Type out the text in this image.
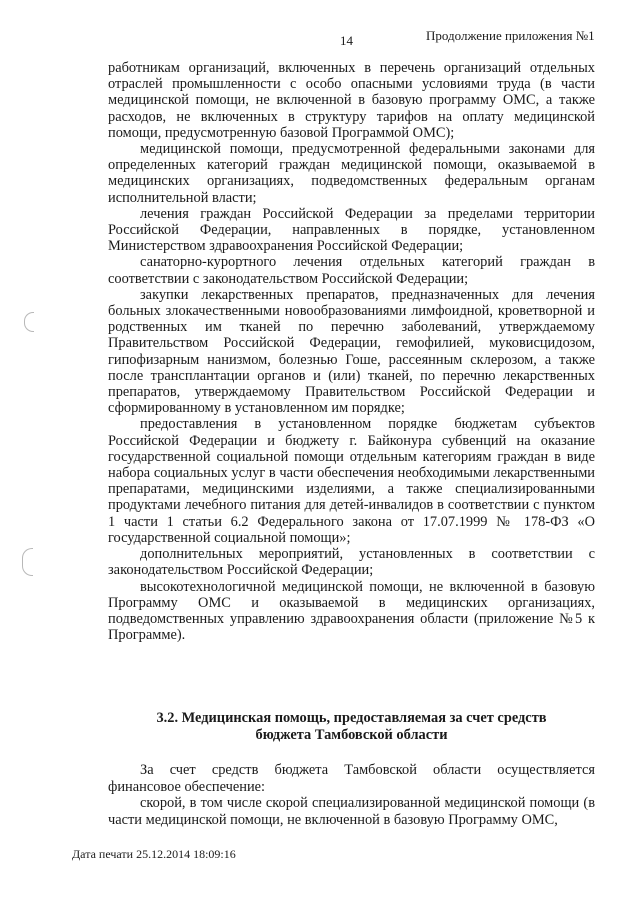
14	Продолжение приложения №1

работникам организаций, включенных в перечень организаций отдельных отраслей промышленности с особо опасными условиями труда (в части медицинской помощи, не включенной в базовую программу ОМС, а также расходов, не включенных в структуру тарифов на оплату медицинской помощи, предусмотренную базовой Программой ОМС);

медицинской помощи, предусмотренной федеральными законами для определенных категорий граждан медицинской помощи, оказываемой в медицинских организациях, подведомственных федеральным органам исполнительной власти;

лечения граждан Российской Федерации за пределами территории Российской Федерации, направленных в порядке, установленном Министерством здравоохранения Российской Федерации;

санаторно-курортного лечения отдельных категорий граждан в соответствии с законодательством Российской Федерации;

закупки лекарственных препаратов, предназначенных для лечения больных злокачественными новообразованиями лимфоидной, кроветворной и родственных им тканей по перечню заболеваний, утверждаемому Правительством Российской Федерации, гемофилией, муковисцидозом, гипофизарным нанизмом, болезнью Гоше, рассеянным склерозом, а также после трансплантации органов и (или) тканей, по перечню лекарственных препаратов, утверждаемому Правительством Российской Федерации и сформированному в установленном им порядке;

предоставления в установленном порядке бюджетам субъектов Российской Федерации и бюджету г. Байконура субвенций на оказание государственной социальной помощи отдельным категориям граждан в виде набора социальных услуг в части обеспечения необходимыми лекарственными препаратами, медицинскими изделиями, а также специализированными продуктами лечебного питания для детей-инвалидов в соответствии с пунктом 1 части 1 статьи 6.2 Федерального закона от 17.07.1999 № 178-ФЗ «О государственной социальной помощи»;

дополнительных мероприятий, установленных в соответствии с законодательством Российской Федерации;

высокотехнологичной медицинской помощи, не включенной в базовую Программу ОМС и оказываемой в медицинских организациях, подведомственных управлению здравоохранения области (приложение №5 к Программе).

3.2. Медицинская помощь, предоставляемая за счет средств
бюджета Тамбовской области

За счет средств бюджета Тамбовской области осуществляется финансовое обеспечение:

скорой, в том числе скорой специализированной медицинской помощи (в части медицинской помощи, не включенной в базовую Программу ОМС,

Дата печати 25.12.2014 18:09:16
